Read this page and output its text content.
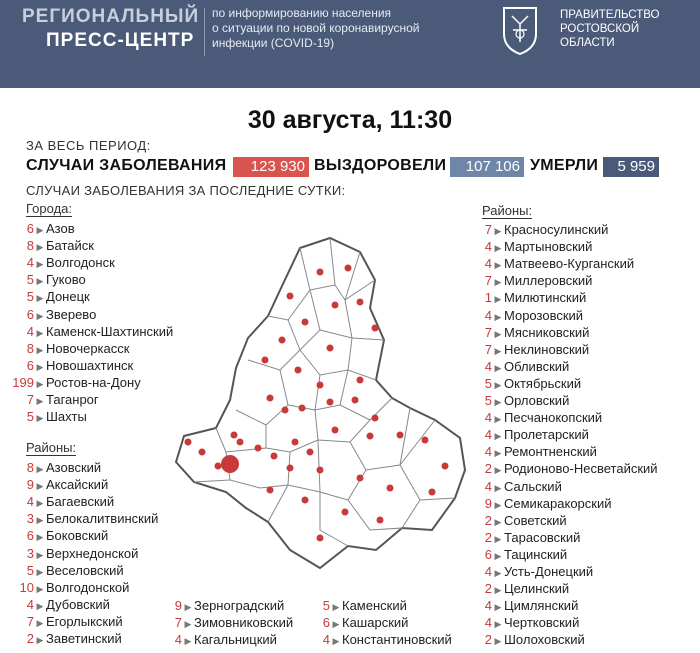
РЕГИОНАЛЬНЫЙ
ПРЕСС-ЦЕНТР
по информированию населения
о ситуации по новой коронавирусной
инфекции (COVID-19)
ПРАВИТЕЛЬСТВО
РОСТОВСКОЙ
ОБЛАСТИ
30 августа, 11:30
ЗА ВЕСЬ ПЕРИОД:
СЛУЧАИ ЗАБОЛЕВАНИЯ	123 930 ВЫЗДОРОВЕЛИ	107 106 УМЕРЛИ	5 959
СЛУЧАИ ЗАБОЛЕВАНИЯ ЗА ПОСЛЕДНИЕ СУТКИ:
Города:
6 ▶ Азов
8 ▶ Батайск
4 ▶ Волгодонск
5 ▶ Гуково
5 ▶ Донецк
6 ▶ Зверево
4 ▶ Каменск-Шахтинский
8 ▶ Новочеркасск
6 ▶ Новошахтинск
199 ▶ Ростов-на-Дону
7 ▶ Таганрог
5 ▶ Шахты
Районы:
8 ▶ Азовский
9 ▶ Аксайский
4 ▶ Багаевский
3 ▶ Белокалитвинский
6 ▶ Боковский
3 ▶ Верхнедонской
5 ▶ Веселовский
10 ▶ Волгодонской
4 ▶ Дубовский
7 ▶ Егорлыкский
2 ▶ Заветинский
9 ▶ Зерноградский
7 ▶ Зимовниковский
4 ▶ Кагальницкий
5 ▶ Каменский
6 ▶ Кашарский
4 ▶ Константиновский
Районы:
7 ▶ Красносулинский
4 ▶ Мартыновский
4 ▶ Матвеево-Курганский
7 ▶ Миллеровский
1 ▶ Милютинский
4 ▶ Морозовский
7 ▶ Мясниковский
7 ▶ Неклиновский
4 ▶ Обливский
5 ▶ Октябрьский
5 ▶ Орловский
4 ▶ Песчанокопский
4 ▶ Пролетарский
4 ▶ Ремонтненский
2 ▶ Родионово-Несветайский
4 ▶ Сальский
9 ▶ Семикаракорский
2 ▶ Советский
2 ▶ Тарасовский
6 ▶ Тацинский
4 ▶ Усть-Донецкий
2 ▶ Целинский
4 ▶ Цимлянский
4 ▶ Чертковский
2 ▶ Шолоховский
